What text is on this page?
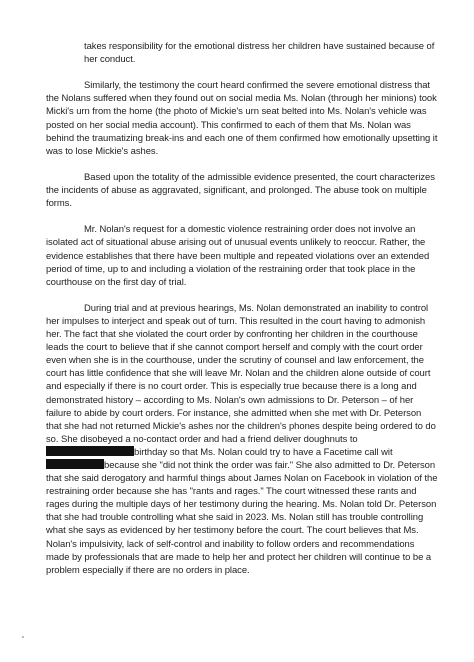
takes responsibility for the emotional distress her children have sustained because of her conduct.

Similarly, the testimony the court heard confirmed the severe emotional distress that the Nolans suffered when they found out on social media Ms. Nolan (through her minions) took Micki's urn from the home (the photo of Mickie's urn seat belted into Ms. Nolan's vehicle was posted on her social media account). This confirmed to each of them that Ms. Nolan was behind the traumatizing break-ins and each one of them confirmed how emotionally upsetting it was to lose Mickie's ashes.

Based upon the totality of the admissible evidence presented, the court characterizes the incidents of abuse as aggravated, significant, and prolonged. The abuse took on multiple forms.

Mr. Nolan's request for a domestic violence restraining order does not involve an isolated act of situational abuse arising out of unusual events unlikely to reoccur. Rather, the evidence establishes that there have been multiple and repeated violations over an extended period of time, up to and including a violation of the restraining order that took place in the courthouse on the first day of trial.

During trial and at previous hearings, Ms. Nolan demonstrated an inability to control her impulses to interject and speak out of turn. This resulted in the court having to admonish her. The fact that she violated the court order by confronting her children in the courthouse leads the court to believe that if she cannot comport herself and comply with the court order even when she is in the courthouse, under the scrutiny of counsel and law enforcement, the court has little confidence that she will leave Mr. Nolan and the children alone outside of court and especially if there is no court order. This is especially true because there is a long and demonstrated history – according to Ms. Nolan's own admissions to Dr. Peterson – of her failure to abide by court orders. For instance, she admitted when she met with Dr. Peterson that she had not returned Mickie's ashes nor the children's phones despite being ordered to do so. She disobeyed a no-contact order and had a friend deliver doughnuts to birthday so that Ms. Nolan could try to have a Facetime call witbecause she "did not think the order was fair." She also admitted to Dr. Peterson that she said derogatory and harmful things about James Nolan on Facebook in violation of the restraining order because she has "rants and rages." The court witnessed these rants and rages during the multiple days of her testimony during the hearing. Ms. Nolan told Dr. Peterson that she had trouble controlling what she said in 2023. Ms. Nolan still has trouble controlling what she says as evidenced by her testimony before the court. The court believes that Ms. Nolan's impulsivity, lack of self-control and inability to follow orders and recommendations made by professionals that are made to help her and protect her children will continue to be a problem especially if there are no orders in place.
